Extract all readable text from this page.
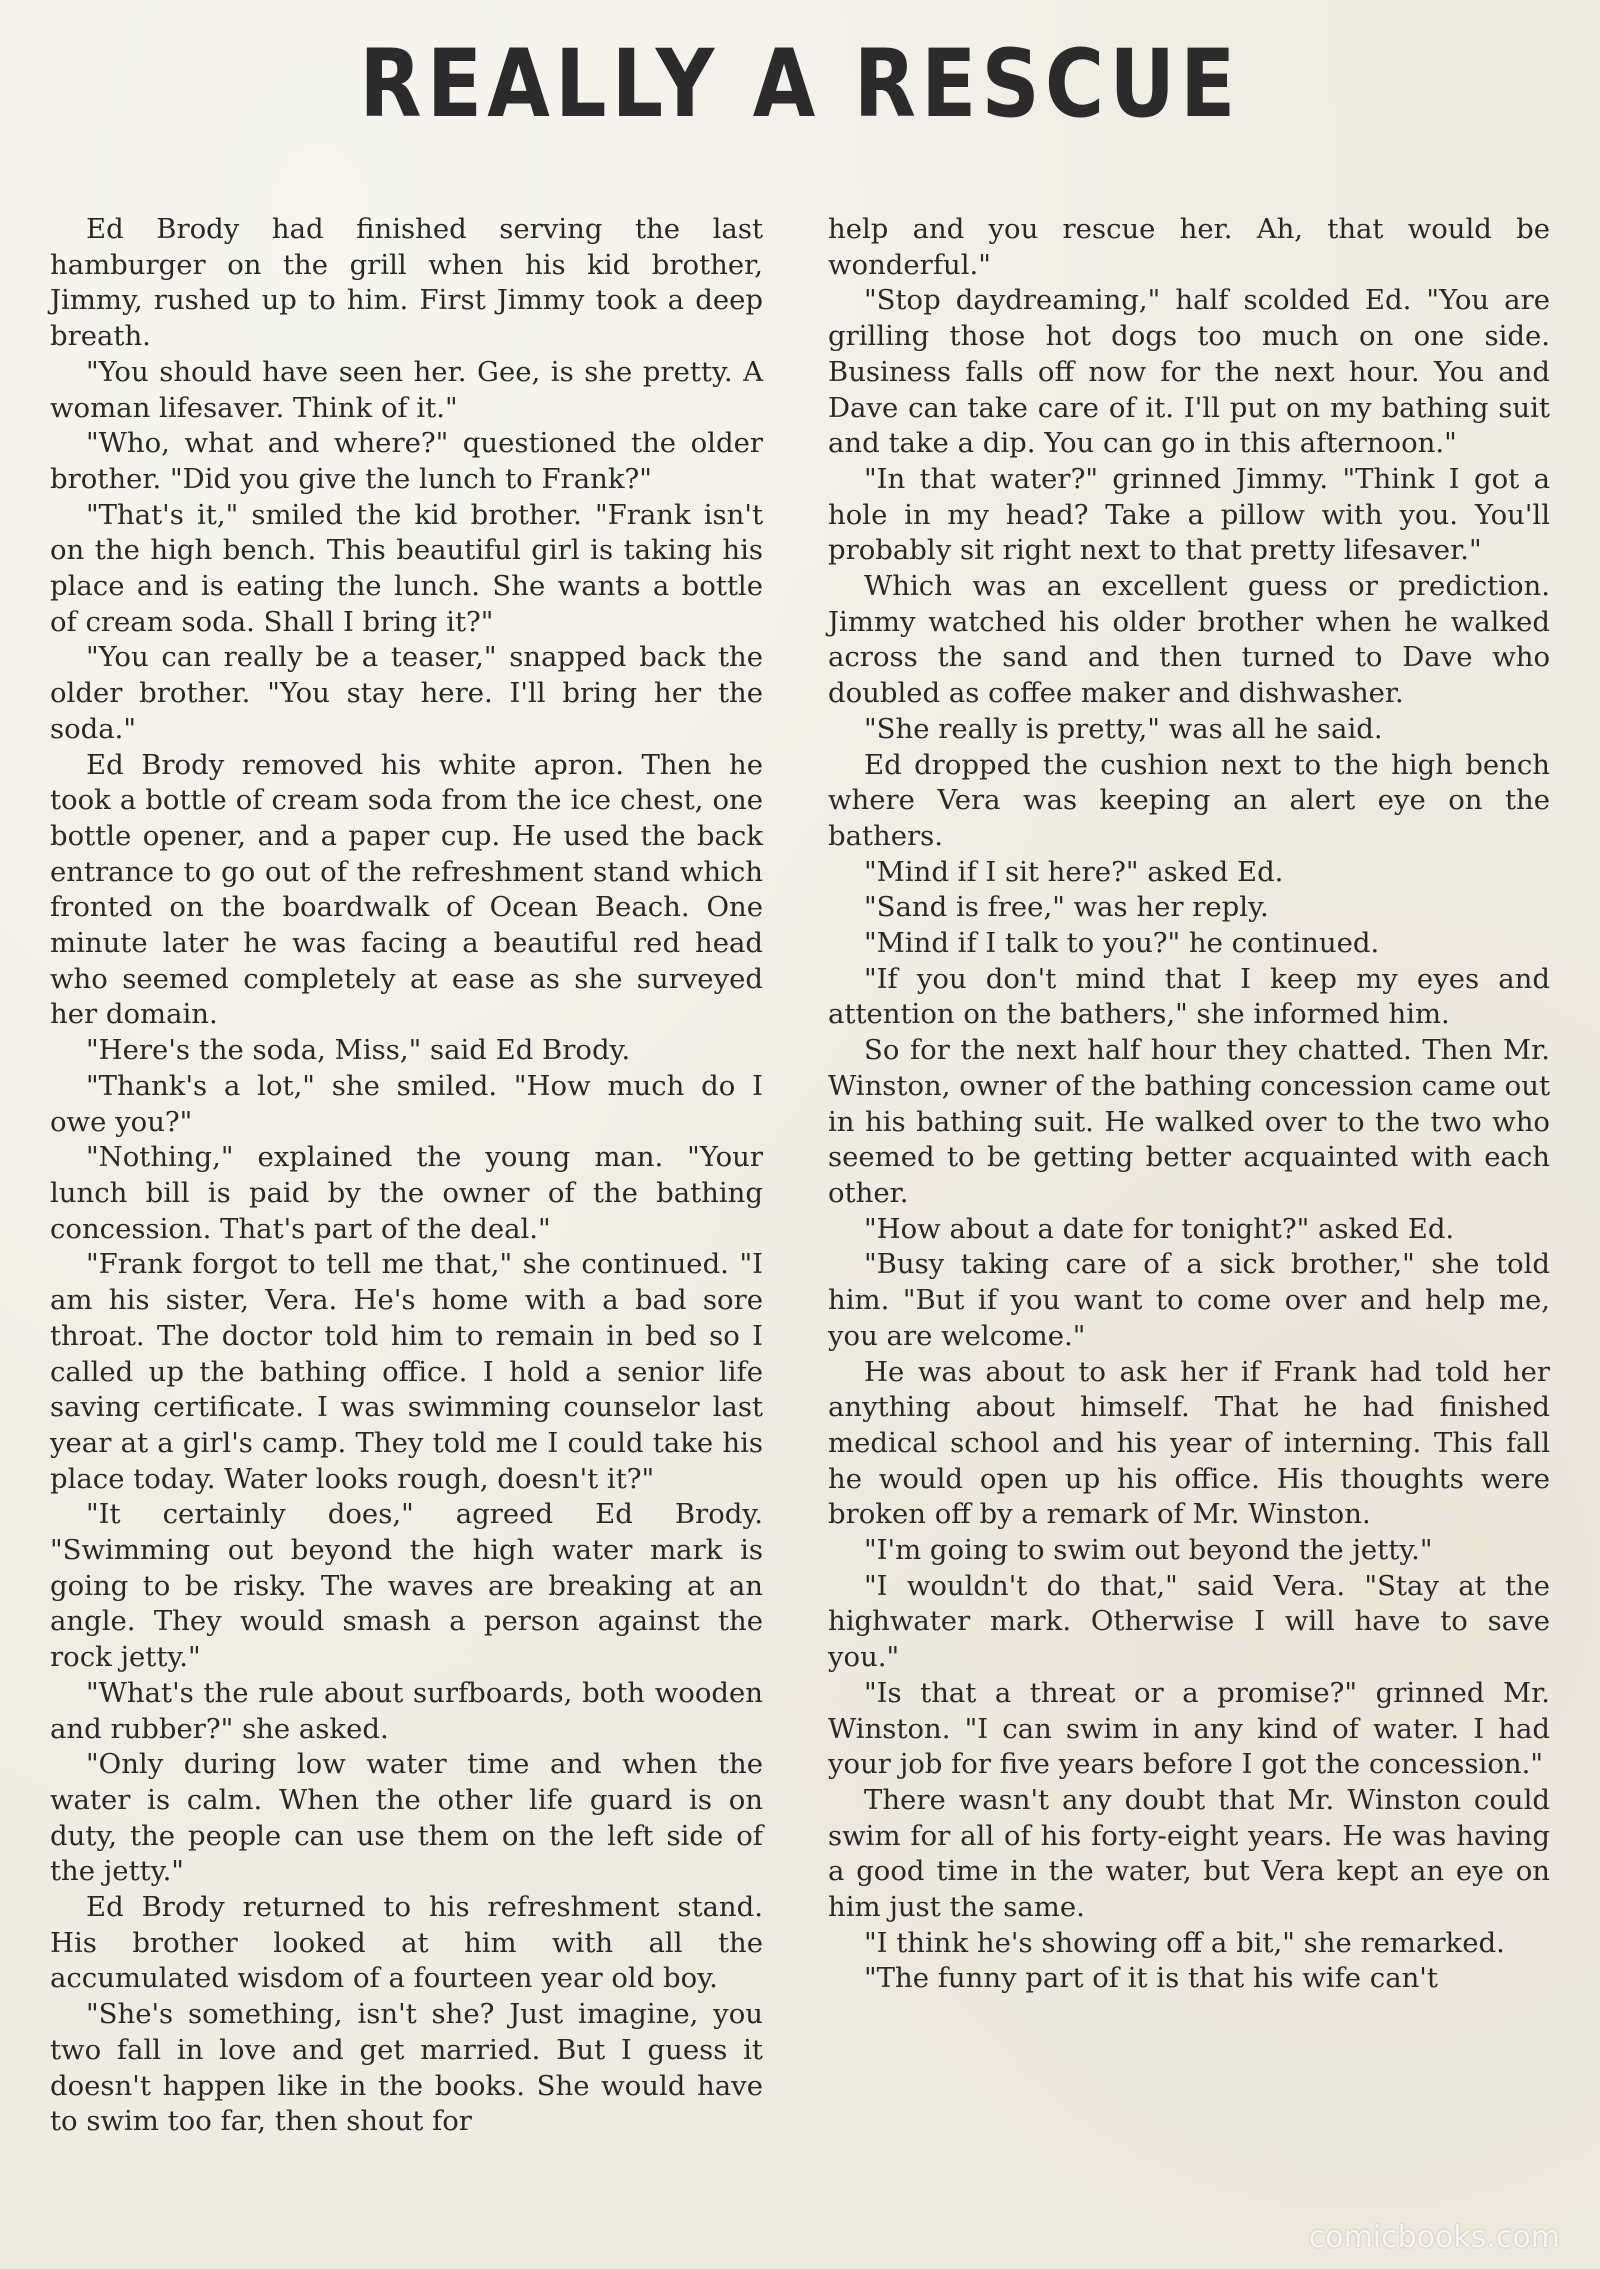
REALLY A RESCUE

Ed Brody had finished serving the last hamburger on the grill when his kid brother, Jimmy, rushed up to him. First Jimmy took a deep breath.

"You should have seen her. Gee, is she pretty. A woman lifesaver. Think of it."

"Who, what and where?" questioned the older brother. "Did you give the lunch to Frank?"

"That's it," smiled the kid brother. "Frank isn't on the high bench. This beautiful girl is taking his place and is eating the lunch. She wants a bottle of cream soda. Shall I bring it?"

"You can really be a teaser," snapped back the older brother. "You stay here. I'll bring her the soda."

Ed Brody removed his white apron. Then he took a bottle of cream soda from the ice chest, one bottle opener, and a paper cup. He used the back entrance to go out of the refreshment stand which fronted on the boardwalk of Ocean Beach. One minute later he was facing a beautiful red head who seemed completely at ease as she surveyed her domain.

"Here's the soda, Miss," said Ed Brody.

"Thank's a lot," she smiled. "How much do I owe you?"

"Nothing," explained the young man. "Your lunch bill is paid by the owner of the bathing concession. That's part of the deal."

"Frank forgot to tell me that," she continued. "I am his sister, Vera. He's home with a bad sore throat. The doctor told him to remain in bed so I called up the bathing office. I hold a senior life saving certificate. I was swimming counselor last year at a girl's camp. They told me I could take his place today. Water looks rough, doesn't it?"

"It certainly does," agreed Ed Brody. "Swimming out beyond the high water mark is going to be risky. The waves are breaking at an angle. They would smash a person against the rock jetty."

"What's the rule about surfboards, both wooden and rubber?" she asked.

"Only during low water time and when the water is calm. When the other life guard is on duty, the people can use them on the left side of the jetty."

Ed Brody returned to his refreshment stand. His brother looked at him with all the accumulated wisdom of a fourteen year old boy.

"She's something, isn't she? Just imagine, you two fall in love and get married. But I guess it doesn't happen like in the books. She would have to swim too far, then shout for

help and you rescue her. Ah, that would be wonderful."

"Stop daydreaming," half scolded Ed. "You are grilling those hot dogs too much on one side. Business falls off now for the next hour. You and Dave can take care of it. I'll put on my bathing suit and take a dip. You can go in this afternoon."

"In that water?" grinned Jimmy. "Think I got a hole in my head? Take a pillow with you. You'll probably sit right next to that pretty lifesaver."

Which was an excellent guess or prediction. Jimmy watched his older brother when he walked across the sand and then turned to Dave who doubled as coffee maker and dishwasher.

"She really is pretty," was all he said.

Ed dropped the cushion next to the high bench where Vera was keeping an alert eye on the bathers.

"Mind if I sit here?" asked Ed.

"Sand is free," was her reply.

"Mind if I talk to you?" he continued.

"If you don't mind that I keep my eyes and attention on the bathers," she informed him.

So for the next half hour they chatted. Then Mr. Winston, owner of the bathing concession came out in his bathing suit. He walked over to the two who seemed to be getting better acquainted with each other.

"How about a date for tonight?" asked Ed.

"Busy taking care of a sick brother," she told him. "But if you want to come over and help me, you are welcome."

He was about to ask her if Frank had told her anything about himself. That he had finished medical school and his year of interning. This fall he would open up his office. His thoughts were broken off by a remark of Mr. Winston.

"I'm going to swim out beyond the jetty."

"I wouldn't do that," said Vera. "Stay at the highwater mark. Otherwise I will have to save you."

"Is that a threat or a promise?" grinned Mr. Winston. "I can swim in any kind of water. I had your job for five years before I got the concession."

There wasn't any doubt that Mr. Winston could swim for all of his forty-eight years. He was having a good time in the water, but Vera kept an eye on him just the same.

"I think he's showing off a bit," she remarked.

"The funny part of it is that his wife can't

comicbooks.com
